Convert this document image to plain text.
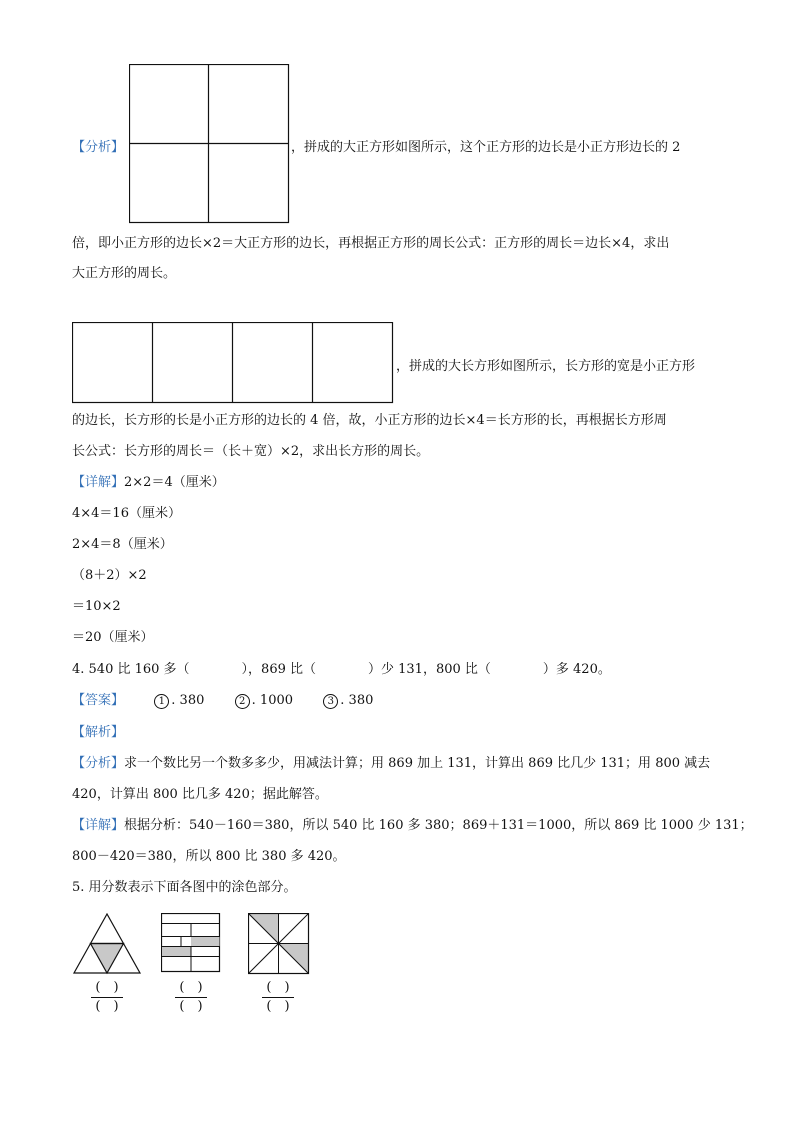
【分析】	，拼成的大正方形如图所示，这个正方形的边长是小正方形边长的 2
倍，即小正方形的边长×2＝大正方形的边长，再根据正方形的周长公式：正方形的周长＝边长×4，求出
大正方形的周长。
，拼成的大长方形如图所示，长方形的宽是小正方形
的边长，长方形的长是小正方形的边长的 4 倍，故，小正方形的边长×4＝长方形的长，再根据长方形周
长公式：长方形的周长＝（长＋宽）×2，求出长方形的周长。
【详解】2×2＝4（厘米）
4×4＝16（厘米）
2×4＝8（厘米）
（8＋2）×2
＝10×2
＝20（厘米）
4. 540 比 160 多（　　　　），869 比（　　　　）少 131，800 比（　　　　）多 420。
【答案】	1 . 380	2 . 1000	3 . 380
【解析】
【分析】求一个数比另一个数多多少，用减法计算；用 869 加上 131，计算出 869 比几少 131；用 800 减去
420，计算出 800 比几多 420；据此解答。
【详解】根据分析：540－160＝380，所以 540 比 160 多 380；869＋131＝1000，所以 869 比 1000 少 131；
800－420＝380，所以 800 比 380 多 420。
5. 用分数表示下面各图中的涂色部分。
(　)
(　)
(　)
(　)
(　)
(　)
